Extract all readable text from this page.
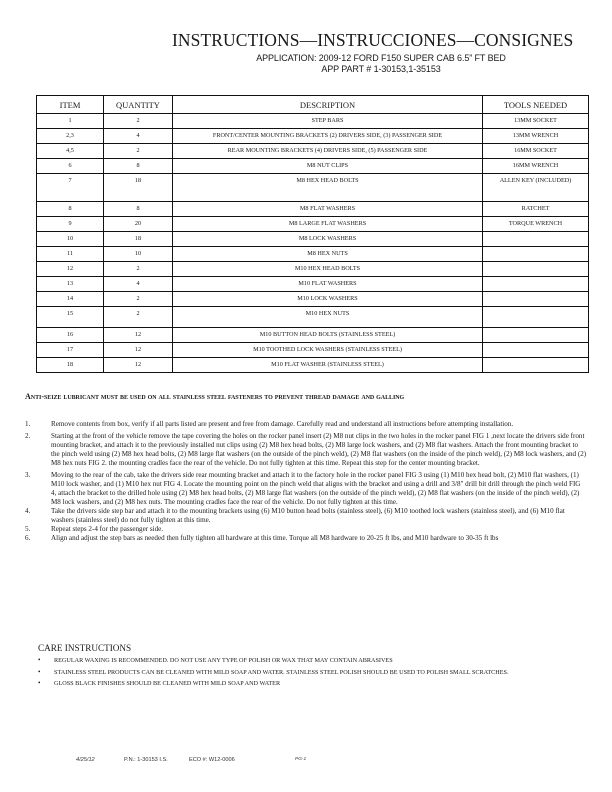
INSTRUCTIONS—INSTRUCCIONES—CONSIGNES
APPLICATION: 2009-12 FORD F150 SUPER CAB 6.5” FT BED
APP PART # 1-30153,1-35153
ITEM	QUANTITY	DESCRIPTION	TOOLS NEEDED
1	2	STEP BARS	13MM SOCKET
2,3	4	FRONT/CENTER MOUNTING BRACKETS (2) DRIVERS SIDE, (3) PASSENGER SIDE	13MM WRENCH
4,5	2	REAR MOUNTING BRACKETS (4) DRIVERS SIDE, (5) PASSENGER SIDE	16MM SOCKET
6	8	M8 NUT CLIPS	16MM WRENCH
7	18	M8 HEX HEAD BOLTS	ALLEN KEY (INCLUDED)
8	8	M8 FLAT WASHERS	RATCHET
9	20	M8 LARGE FLAT WASHERS	TORQUE WRENCH
10	18	M8 LOCK WASHERS	
11	10	M8 HEX NUTS	
12	2	M10 HEX HEAD BOLTS	
13	4	M10 FLAT WASHERS	
14	2	M10 LOCK WASHERS	
15	2	M10 HEX NUTS	
16	12	M10 BUTTON HEAD BOLTS (STAINLESS STEEL)	
17	12	M10 TOOTHED LOCK WASHERS (STAINLESS STEEL)	
18	12	M10 FLAT WASHER (STAINLESS STEEL)	
Anti-seize lubricant must be used on all stainless steel fasteners to prevent thread damage and galling
1.	Remove contents from box, verify if all parts listed are present and free from damage. Carefully read and understand all instructions before attempting installation.
2.	Starting at the front of the vehicle remove the tape covering the holes on the rocker panel insert (2) M8 nut clips in the two holes in the rocker panel FIG 1 ,next locate the drivers side front mounting bracket, and attach it to the previously installed nut clips using (2) M8 hex head bolts, (2) M8 large lock washers, and (2) M8 flat washers. Attach the front mounting bracket to the pinch weld using (2) M8 hex head bolts, (2) M8 large flat washers (on the outside of the pinch weld), (2) M8 flat washers (on the inside of the pinch weld), (2) M8 lock washers, and (2) M8 hex nuts FIG 2. the mounting cradles face the rear of the vehicle. Do not fully tighten at this time. Repeat this step for the center mounting bracket.
3.	Moving to the rear of the cab, take the drivers side rear mounting bracket and attach it to the factory hole in the rocker panel FIG 3 using (1) M10 hex head bolt, (2) M10 flat washers, (1) M10 lock washer, and (1) M10 hex nut FIG 4. Locate the mounting point on the pinch weld that aligns with the bracket and using a drill and 3/8" drill bit drill through the pinch weld FIG 4, attach the bracket to the drilled hole using (2) M8 hex head bolts, (2) M8 large flat washers (on the outside of the pinch weld), (2) M8 flat washers (on the inside of the pinch weld), (2) M8 lock washers, and (2) M8 hex nuts. The mounting cradles face the rear of the vehicle. Do not fully tighten at this time.
4.	Take the drivers side step bar and attach it to the mounting brackets using (6) M10 button head bolts (stainless steel), (6) M10 toothed lock washers (stainless steel), and (6) M10 flat washers (stainless steel) do not fully tighten at this time.
5.	Repeat steps 2-4 for the passenger side.
6.	Align and adjust the step bars as needed then fully tighten all hardware at this time. Torque all M8 hardware to 20-25 ft lbs, and M10 hardware to 30-35 ft lbs
CARE INSTRUCTIONS
• REGULAR WAXING IS RECOMMENDED. DO NOT USE ANY TYPE OF POLISH OR WAX THAT MAY CONTAIN ABRASIVES
• STAINLESS STEEL PRODUCTS CAN BE CLEANED WITH MILD SOAP AND WATER. STAINLESS STEEL POLISH SHOULD BE USED TO POLISH SMALL SCRATCHES.
• GLOSS BLACK FINISHES SHOULD BE CLEANED WITH MILD SOAP AND WATER
4/25/12	P.N.: 1-30153 I.S.	ECO #: W12-0006	PG-1
